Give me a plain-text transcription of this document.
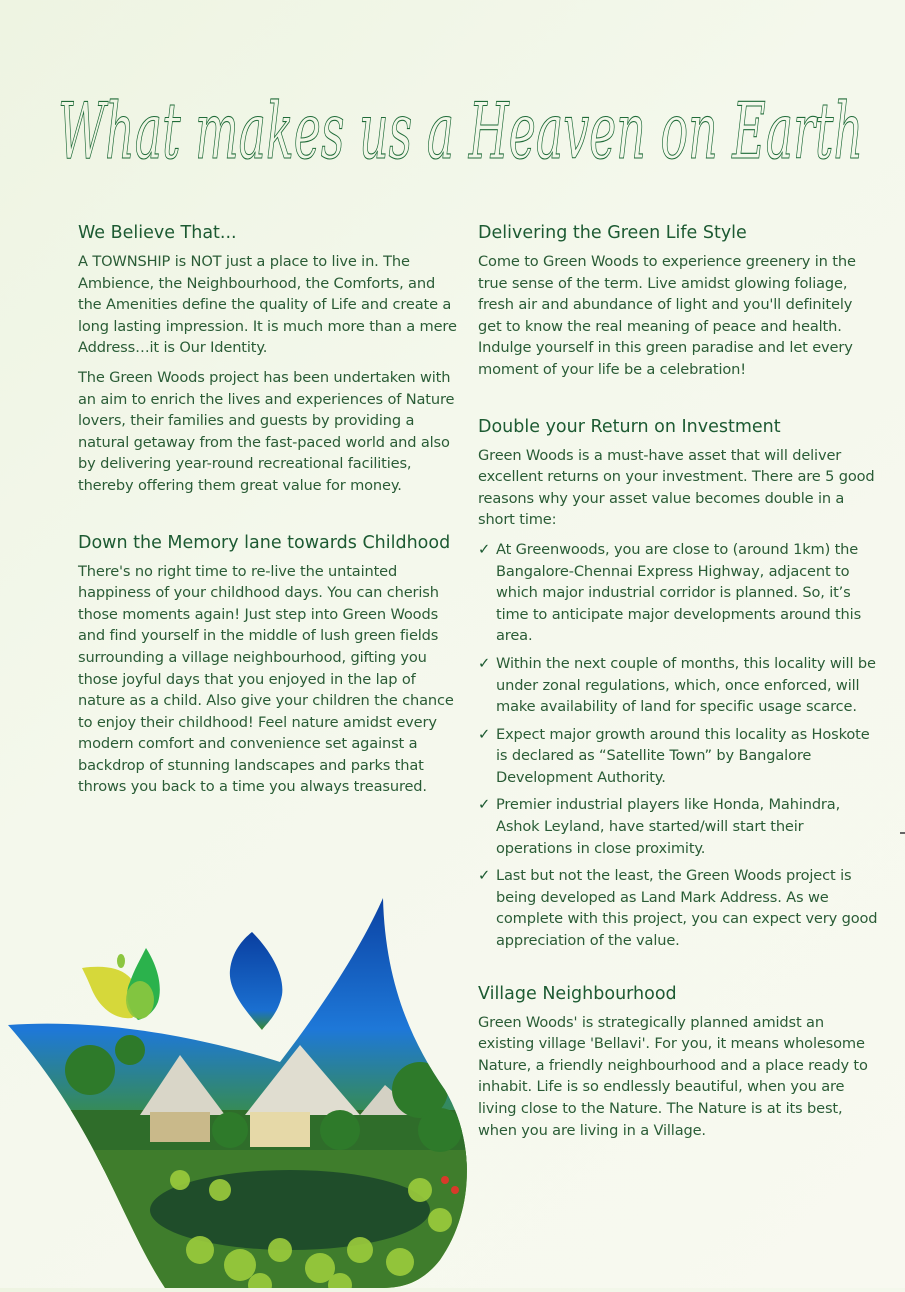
What makes us a Heaven on Earth
We Believe That...

A TOWNSHIP is NOT just a place to live in. The Ambience, the Neighbourhood, the Comforts, and the Amenities define the quality of Life and create a long lasting impression. It is much more than a mere Address…it is Our Identity.

The Green Woods project has been undertaken with an aim to enrich the lives and experiences of Nature lovers, their families and guests by providing a natural getaway from the fast-paced world and also by delivering year-round recreational facilities, thereby offering them great value for money.

Down the Memory lane towards Childhood

There's no right time to re-live the untainted happiness of your childhood days. You can cherish those moments again! Just step into Green Woods and find yourself in the middle of lush green fields surrounding a village neighbourhood, gifting you those joyful days that you enjoyed in the lap of nature as a child. Also give your children the chance to enjoy their childhood! Feel nature amidst every modern comfort and convenience set against a backdrop of stunning landscapes and parks that throws you back to a time you always treasured.

Delivering the Green Life Style

Come to Green Woods to experience greenery in the true sense of the term. Live amidst glowing foliage, fresh air and abundance of light and you'll definitely get to know the real meaning of peace and health. Indulge yourself in this green paradise and let every moment of your life be a celebration!

Double your Return on Investment

Green Woods is a must-have asset that will deliver excellent returns on your investment. There are 5 good reasons why your asset value becomes double in a short time:

✓ At Greenwoods, you are close to (around 1km) the Bangalore-Chennai Express Highway, adjacent to which major industrial corridor is planned. So, it’s time to anticipate major developments around this area.
✓ Within the next couple of months, this locality will be under zonal regulations, which, once enforced, will make availability of land for specific usage scarce.
✓ Expect major growth around this locality as Hoskote is declared as “Satellite Town” by Bangalore Development Authority.
✓ Premier industrial players like Honda, Mahindra, Ashok Leyland, have started/will start their operations in close proximity.
✓ Last but not the least, the Green Woods project is being developed as Land Mark Address. As we complete with this project, you can expect very good appreciation of the value.
Village Neighbourhood

Green Woods' is strategically planned amidst an existing village 'Bellavi'. For you, it means wholesome Nature, a friendly neighbourhood and a place ready to inhabit. Life is so endlessly beautiful, when you are living close to the Nature. The Nature is at its best, when you are living in a Village.
